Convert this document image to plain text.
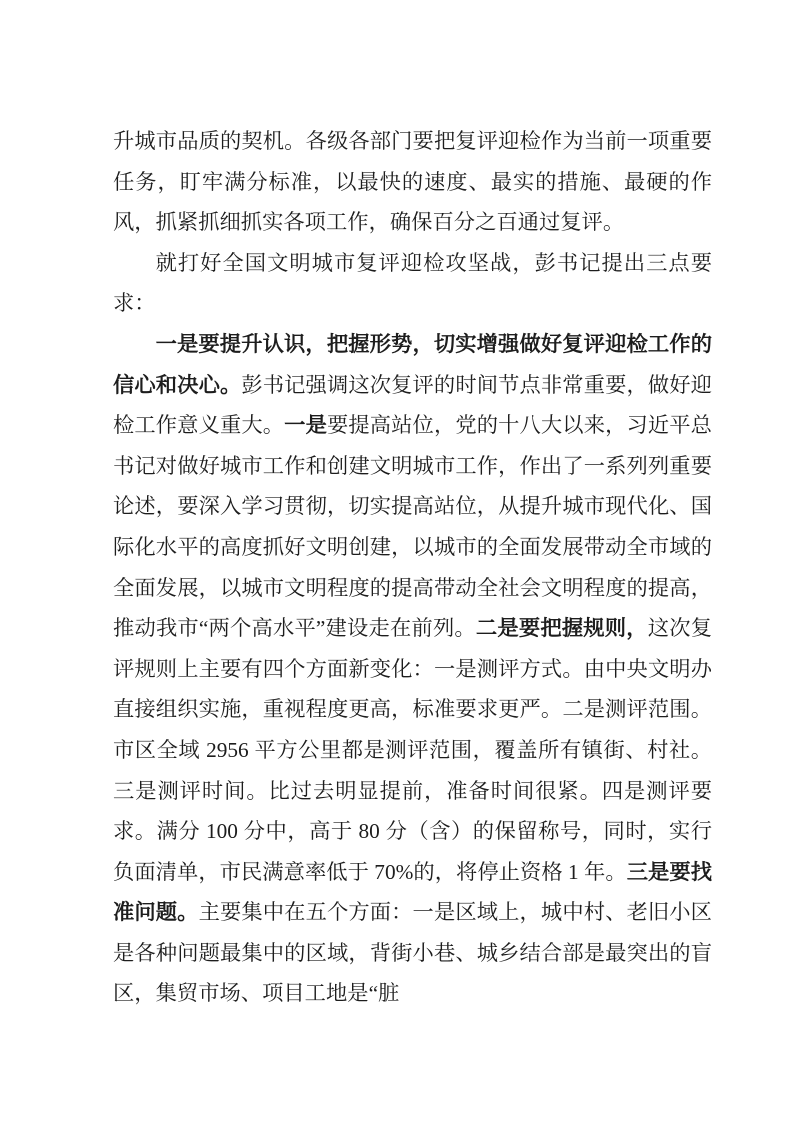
升城市品质的契机。各级各部门要把复评迎检作为当前一项重要任务，盯牢满分标准，以最快的速度、最实的措施、最硬的作风，抓紧抓细抓实各项工作，确保百分之百通过复评。

就打好全国文明城市复评迎检攻坚战，彭书记提出三点要求：

一是要提升认识，把握形势，切实增强做好复评迎检工作的信心和决心。彭书记强调这次复评的时间节点非常重要，做好迎检工作意义重大。一是要提高站位，党的十八大以来，习近平总书记对做好城市工作和创建文明城市工作，作出了一系列列重要论述，要深入学习贯彻，切实提高站位，从提升城市现代化、国际化水平的高度抓好文明创建，以城市的全面发展带动全市域的全面发展，以城市文明程度的提高带动全社会文明程度的提高，推动我市“两个高水平”建设走在前列。二是要把握规则，这次复评规则上主要有四个方面新变化：一是测评方式。由中央文明办直接组织实施，重视程度更高，标准要求更严。二是测评范围。市区全域 2956 平方公里都是测评范围，覆盖所有镇街、村社。三是测评时间。比过去明显提前，准备时间很紧。四是测评要求。满分 100 分中，高于 80 分（含）的保留称号，同时，实行负面清单，市民满意率低于 70%的，将停止资格 1 年。三是要找准问题。主要集中在五个方面：一是区域上，城中村、老旧小区是各种问题最集中的区域，背街小巷、城乡结合部是最突出的盲区，集贸市场、项目工地是“脏
